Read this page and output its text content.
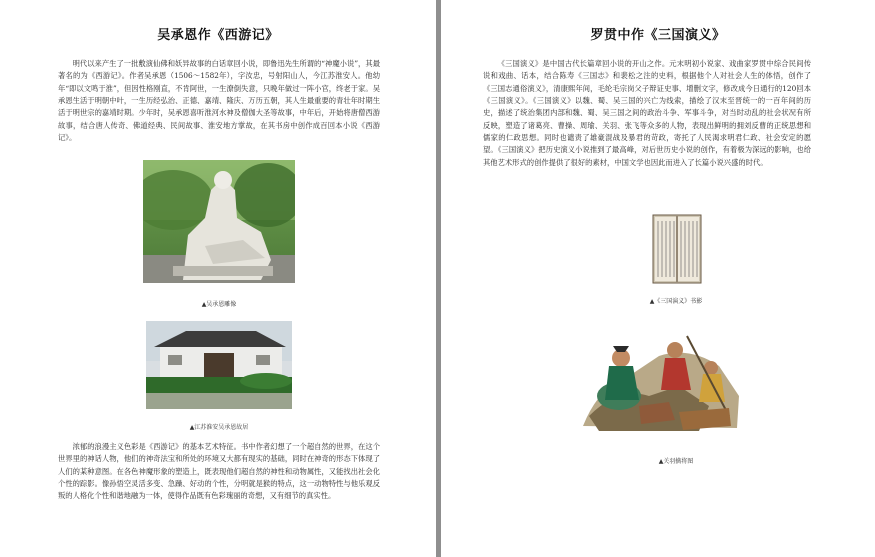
吴承恩作《西游记》
明代以来产生了一批敷演仙佛和妖异故事的白话章回小说，即鲁迅先生所谓的“神魔小说”，其最著名的为《西游记》。作者吴承恩（1506～1582年），字汝忠，号射阳山人，今江苏淮安人。他幼年“即以文鸣于淮”，但因性格刚直，不肯阿世，一生潦倒失意，只晚年做过一阵小官，终老于家。吴承恩生活于明朝中叶，一生历经弘治、正德、嘉靖、隆庆、万历五朝，其人生最重要的青壮年时期生活于明世宗的嘉靖时期。少年时，吴承恩喜听淮河水神及僧伽大圣等故事，中年后，开始将唐僧西游故事，结合唐人传奇、佛道经典、民间故事、淮安地方掌故，在其书房中创作成百回本小说《西游记》。
▲吴承恩雕像
▲江苏淮安吴承恩故居
浓郁的浪漫主义色彩是《西游记》的基本艺术特征。书中作者幻想了一个超自然的世界，在这个世界里的神话人物，他们的神奇法宝和所处的环境又大都有现实的基础，同时在神奇的形态下体现了人们的某种意图。在各色神魔形象的塑造上，既表现他们超自然的神性和动物属性，又能找出社会化个性的踪影。像孙悟空灵活多变、急躁、好动的个性，分明就是猴的特点，这一动物特性与他乐观反叛的人格化个性和谐地融为一体，使得作品既有色彩瑰丽的奇想，又有细节的真实性。
罗贯中作《三国演义》
《三国演义》是中国古代长篇章回小说的开山之作。元末明初小说家、戏曲家罗贯中综合民间传说和戏曲、话本，结合陈寿《三国志》和裴松之注的史料，根据他个人对社会人生的体悟，创作了《三国志通俗演义》，清康熙年间，毛纶毛宗岗父子辩证史事、增删文字，修改成今日通行的120回本《三国演义》。《三国演义》以魏、蜀、吴三国的兴亡为线索，描绘了汉末至晋统一的一百年间的历史，描述了统治集团内部和魏、蜀、吴三国之间的政治斗争、军事斗争，对当时动乱的社会状况有所反映，塑造了诸葛亮、曹操、周瑜、关羽、张飞等众多的人物，表现出鲜明的拥刘反曹的正统思想和儒家的仁政思想。同时也谴责了雄豪混战及暴君的苛政，寄托了人民渴求明君仁政、社会安定的愿望。《三国演义》把历史演义小说推到了最高峰，对后世历史小说的创作，有着极为深远的影响，也给其他艺术形式的创作提供了很好的素材，中国文学也因此而进入了长篇小说兴盛的时代。
▲《三国演义》书影
▲关羽擒将图
